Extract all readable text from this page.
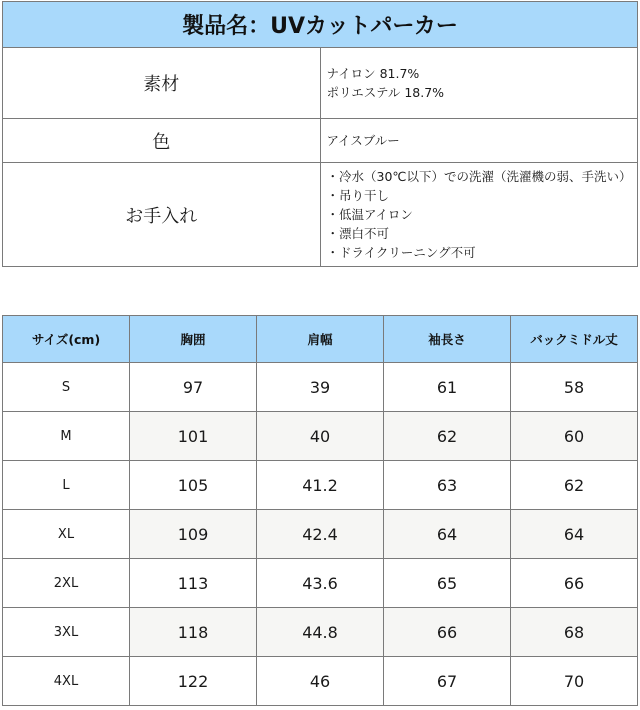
製品名：UVカットパーカー	
素材	ナイロン 81.7%
ポリエステル 18.7%

色	アイスブルー

お手入れ	・冷水（30℃以下）での洗濯（洗濯機の弱、手洗い）
・吊り干し
・低温アイロン
・漂白不可
・ドライクリーニング不可
サイズ(cm)	胸囲	肩幅	袖長さ	バックミドル丈
S	97	39	61	58
M	101	40	62	60
L	105	41.2	63	62
XL	109	42.4	64	64
2XL	113	43.6	65	66
3XL	118	44.8	66	68
4XL	122	46	67	70
